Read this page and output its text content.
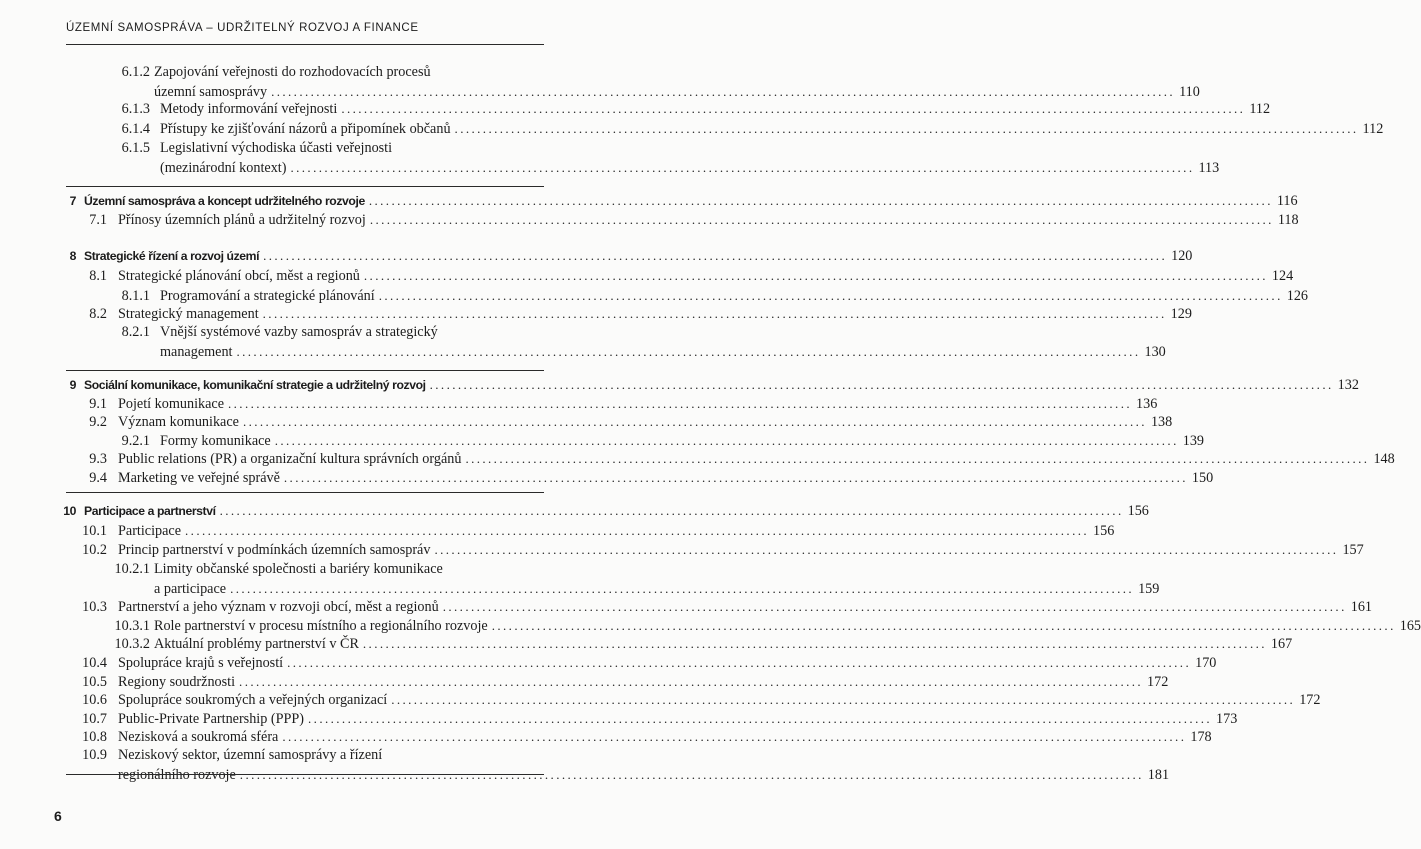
ÚZEMNÍ SAMOSPRÁVA – UDRŽITELNÝ ROZVOJ A FINANCE
6.1.2 Zapojování veřejnosti do rozhodovacích procesů
územní samosprávy ................................................................................................................................................................ 110
6.1.3 Metody informování veřejnosti ................................................................................................................................................................ 112
6.1.4 Přístupy ke zjišťování názorů a připomínek občanů ................................................................................................................................................................ 112
6.1.5 Legislativní východiska účasti veřejnosti
(mezinárodní kontext) ................................................................................................................................................................ 113
7 Územní samospráva a koncept udržitelného rozvoje ................................................................................................................................................................ 116
7.1 Přínosy územních plánů a udržitelný rozvoj ................................................................................................................................................................ 118
8 Strategické řízení a rozvoj území ................................................................................................................................................................ 120
8.1 Strategické plánování obcí, měst a regionů ................................................................................................................................................................ 124
8.1.1 Programování a strategické plánování ................................................................................................................................................................ 126
8.2 Strategický management ................................................................................................................................................................ 129
8.2.1 Vnější systémové vazby samospráv a strategický
management ................................................................................................................................................................ 130
9 Sociální komunikace, komunikační strategie a udržitelný rozvoj ................................................................................................................................................................ 132
9.1 Pojetí komunikace ................................................................................................................................................................ 136
9.2 Význam komunikace ................................................................................................................................................................ 138
9.2.1 Formy komunikace ................................................................................................................................................................ 139
9.3 Public relations (PR) a organizační kultura správních orgánů ................................................................................................................................................................ 148
9.4 Marketing ve veřejné správě ................................................................................................................................................................ 150
10 Participace a partnerství ................................................................................................................................................................ 156
10.1 Participace ................................................................................................................................................................ 156
10.2 Princip partnerství v podmínkách územních samospráv ................................................................................................................................................................ 157
10.2.1 Limity občanské společnosti a bariéry komunikace
a participace ................................................................................................................................................................ 159
10.3 Partnerství a jeho význam v rozvoji obcí, měst a regionů ................................................................................................................................................................ 161
10.3.1 Role partnerství v procesu místního a regionálního rozvoje ................................................................................................................................................................ 165
10.3.2 Aktuální problémy partnerství v ČR ................................................................................................................................................................ 167
10.4 Spolupráce krajů s veřejností ................................................................................................................................................................ 170
10.5 Regiony soudržnosti ................................................................................................................................................................ 172
10.6 Spolupráce soukromých a veřejných organizací ................................................................................................................................................................ 172
10.7 Public-Private Partnership (PPP) ................................................................................................................................................................ 173
10.8 Nezisková a soukromá sféra ................................................................................................................................................................ 178
10.9 Neziskový sektor, územní samosprávy a řízení
regionálního rozvoje ................................................................................................................................................................ 181
6
